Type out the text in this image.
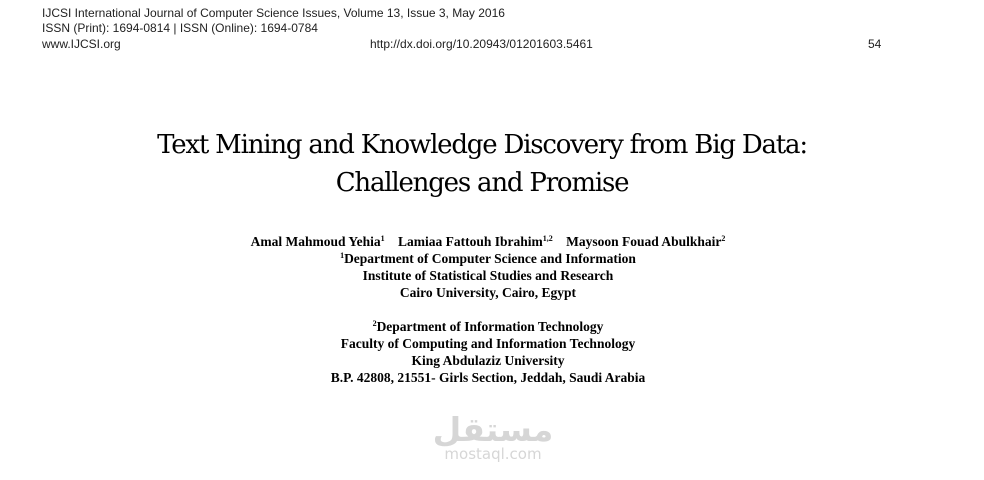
IJCSI International Journal of Computer Science Issues, Volume 13, Issue 3, May 2016
ISSN (Print): 1694-0814 | ISSN (Online): 1694-0784
www.IJCSI.org	http://dx.doi.org/10.20943/01201603.5461	54
Text Mining and Knowledge Discovery from Big Data:
Challenges and Promise
Amal Mahmoud Yehia$^1$ Lamiaa Fattouh Ibrahim$^{1,2}$ Maysoon Fouad Abulkhair$^2$
$^1$Department of Computer Science and Information
Institute of Statistical Studies and Research
Cairo University, Cairo, Egypt
$^2$Department of Information Technology
Faculty of Computing and Information Technology
King Abdulaziz University
B.P. 42808, 21551- Girls Section, Jeddah, Saudi Arabia
مستقل
mostaql.com
